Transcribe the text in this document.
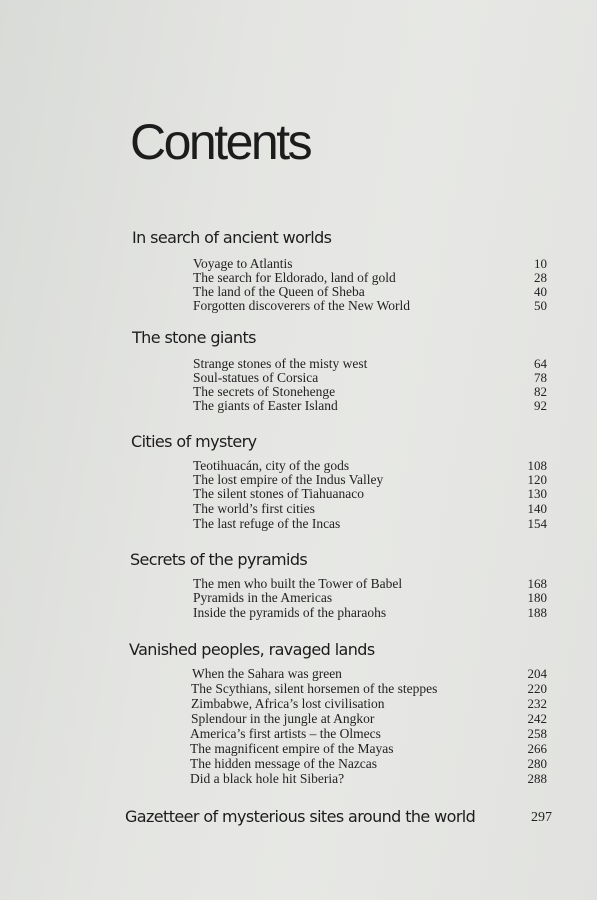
Contents
In search of ancient worlds
Voyage to Atlantis	10
The search for Eldorado, land of gold	28
The land of the Queen of Sheba	40
Forgotten discoverers of the New World	50
The stone giants
Strange stones of the misty west	64
Soul-statues of Corsica	78
The secrets of Stonehenge	82
The giants of Easter Island	92
Cities of mystery
Teotihuacán, city of the gods	108
The lost empire of the Indus Valley	120
The silent stones of Tiahuanaco	130
The world’s first cities	140
The last refuge of the Incas	154
Secrets of the pyramids
The men who built the Tower of Babel	168
Pyramids in the Americas	180
Inside the pyramids of the pharaohs	188
Vanished peoples, ravaged lands
When the Sahara was green	204
The Scythians, silent horsemen of the steppes	220
Zimbabwe, Africa’s lost civilisation	232
Splendour in the jungle at Angkor	242
America’s first artists – the Olmecs	258
The magnificent empire of the Mayas	266
The hidden message of the Nazcas	280
Did a black hole hit Siberia?	288
Gazetteer of mysterious sites around the world	297
